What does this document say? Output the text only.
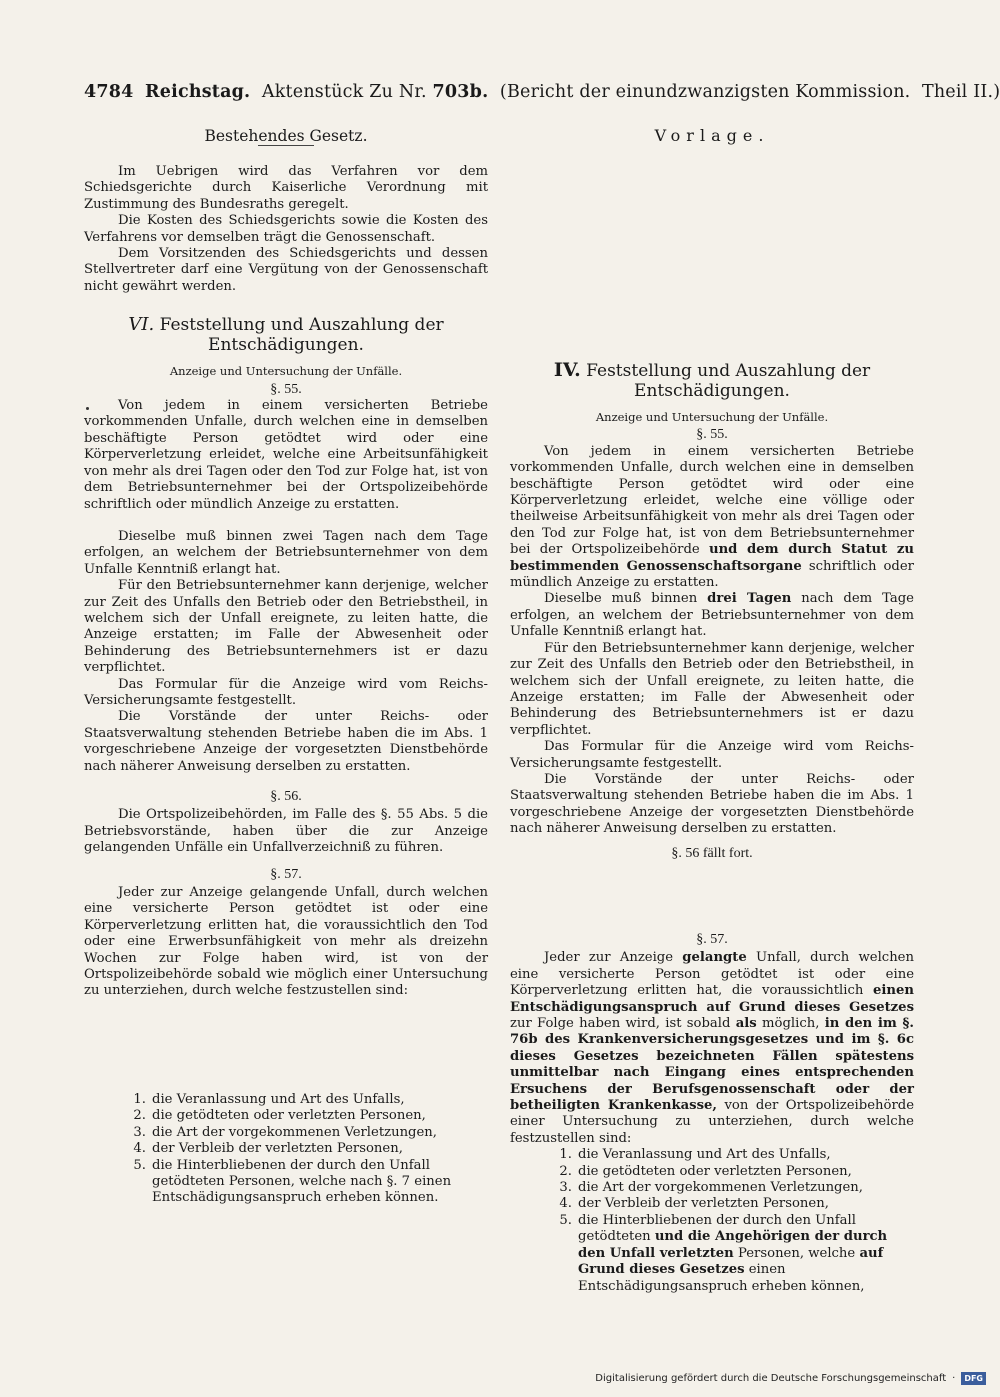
4784 Reichstag. Aktenstück Zu Nr. 703b. (Bericht der einundzwanzigsten Kommission. Theil II.)
Bestehendes Gesetz.

Im Uebrigen wird das Verfahren vor dem Schiedsgerichte durch Kaiserliche Verordnung mit Zustimmung des Bundesraths geregelt.

Die Kosten des Schiedsgerichts sowie die Kosten des Verfahrens vor demselben trägt die Genossenschaft.

Dem Vorsitzenden des Schiedsgerichts und dessen Stellvertreter darf eine Vergütung von der Genossenschaft nicht gewährt werden.

VI. Feststellung und Auszahlung der Entschädigungen.

Anzeige und Untersuchung der Unfälle.

§. 55.

Von jedem in einem versicherten Betriebe vorkommenden Unfalle, durch welchen eine in demselben beschäftigte Person getödtet wird oder eine Körperverletzung erleidet, welche eine Arbeitsunfähigkeit von mehr als drei Tagen oder den Tod zur Folge hat, ist von dem Betriebsunternehmer bei der Ortspolizeibehörde schriftlich oder mündlich Anzeige zu erstatten.

Dieselbe muß binnen zwei Tagen nach dem Tage erfolgen, an welchem der Betriebsunternehmer von dem Unfalle Kenntniß erlangt hat.

Für den Betriebsunternehmer kann derjenige, welcher zur Zeit des Unfalls den Betrieb oder den Betriebstheil, in welchem sich der Unfall ereignete, zu leiten hatte, die Anzeige erstatten; im Falle der Abwesenheit oder Behinderung des Betriebsunternehmers ist er dazu verpflichtet.

Das Formular für die Anzeige wird vom Reichs-Versicherungsamte festgestellt.

Die Vorstände der unter Reichs- oder Staatsverwaltung stehenden Betriebe haben die im Abs. 1 vorgeschriebene Anzeige der vorgesetzten Dienstbehörde nach näherer Anweisung derselben zu erstatten.

§. 56.

Die Ortspolizeibehörden, im Falle des §. 55 Abs. 5 die Betriebsvorstände, haben über die zur Anzeige gelangenden Unfälle ein Unfallverzeichniß zu führen.

§. 57.

Jeder zur Anzeige gelangende Unfall, durch welchen eine versicherte Person getödtet ist oder eine Körperverletzung erlitten hat, die voraussichtlich den Tod oder eine Erwerbsunfähigkeit von mehr als dreizehn Wochen zur Folge haben wird, ist von der Ortspolizeibehörde sobald wie möglich einer Untersuchung zu unterziehen, durch welche festzustellen sind:

1. die Veranlassung und Art des Unfalls,
2. die getödteten oder verletzten Personen,
3. die Art der vorgekommenen Verletzungen,
4. der Verbleib der verletzten Personen,
5. die Hinterbliebenen der durch den Unfall getödteten Personen, welche nach §. 7 einen Entschädigungsanspruch erheben können.
Vorlage.

IV. Feststellung und Auszahlung der Entschädigungen.

Anzeige und Untersuchung der Unfälle.

§. 55.

Von jedem in einem versicherten Betriebe vorkommenden Unfalle, durch welchen eine in demselben beschäftigte Person getödtet wird oder eine Körperverletzung erleidet, welche eine völlige oder theilweise Arbeitsunfähigkeit von mehr als drei Tagen oder den Tod zur Folge hat, ist von dem Betriebsunternehmer bei der Ortspolizeibehörde und dem durch Statut zu bestimmenden Genossenschaftsorgane schriftlich oder mündlich Anzeige zu erstatten.

Dieselbe muß binnen drei Tagen nach dem Tage erfolgen, an welchem der Betriebsunternehmer von dem Unfalle Kenntniß erlangt hat.

Für den Betriebsunternehmer kann derjenige, welcher zur Zeit des Unfalls den Betrieb oder den Betriebstheil, in welchem sich der Unfall ereignete, zu leiten hatte, die Anzeige erstatten; im Falle der Abwesenheit oder Behinderung des Betriebsunternehmers ist er dazu verpflichtet.

Das Formular für die Anzeige wird vom Reichs-Versicherungsamte festgestellt.

Die Vorstände der unter Reichs- oder Staatsverwaltung stehenden Betriebe haben die im Abs. 1 vorgeschriebene Anzeige der vorgesetzten Dienstbehörde nach näherer Anweisung derselben zu erstatten.

§. 56 fällt fort.

§. 57.

Jeder zur Anzeige gelangte Unfall, durch welchen eine versicherte Person getödtet ist oder eine Körperverletzung erlitten hat, die voraussichtlich einen Entschädigungsanspruch auf Grund dieses Gesetzes zur Folge haben wird, ist sobald als möglich, in den im §. 76b des Krankenversicherungsgesetzes und im §. 6c dieses Gesetzes bezeichneten Fällen spätestens unmittelbar nach Eingang eines entsprechenden Ersuchens der Berufsgenossenschaft oder der betheiligten Krankenkasse, von der Ortspolizeibehörde einer Untersuchung zu unterziehen, durch welche festzustellen sind:

1. die Veranlassung und Art des Unfalls,
2. die getödteten oder verletzten Personen,
3. die Art der vorgekommenen Verletzungen,
4. der Verbleib der verletzten Personen,
5. die Hinterbliebenen der durch den Unfall getödteten und die Angehörigen der durch den Unfall verletzten Personen, welche auf Grund dieses Gesetzes einen Entschädigungsanspruch erheben können,
Digitalisierung gefördert durch die Deutsche Forschungsgemeinschaft ·	DFG
